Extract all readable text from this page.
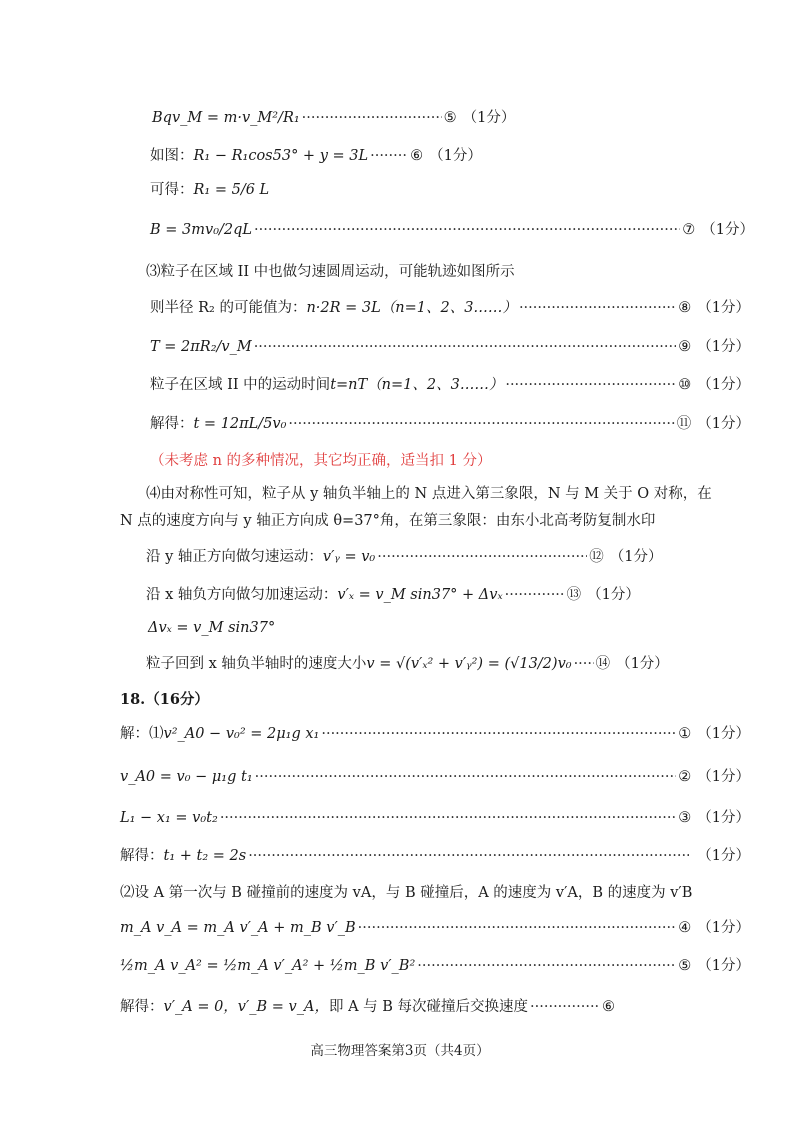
Bqv_M = m·v_M²/R₁ ·····	⑤ （1分）
如图： R₁ − R₁cos53° + y = 3L ·····	⑥ （1分）
可得： R₁ = 5/6 L
B = 3mv₀/2qL ·····	⑦ （1分）
⑶粒子在区域 II 中也做匀速圆周运动，可能轨迹如图所示
则半径 R₂ 的可能值为： n·2R = 3L（n=1、2、3……） ·····	⑧ （1分）
T = 2πR₂/v_M ·····	⑨ （1分）
粒子在区域 II 中的运动时间 t=nT（n=1、2、3……） ·····	⑩ （1分）
解得： t = 12πL/5v₀ ·····	⑪ （1分）
（未考虑 n 的多种情况，其它均正确，适当扣 1 分）
⑷由对称性可知，粒子从 y 轴负半轴上的 N 点进入第三象限，N 与 M 关于 O 对称，在
N 点的速度方向与 y 轴正方向成 θ=37°角，在第三象限：由东小北高考防复制水印
沿 y 轴正方向做匀速运动： v′ᵧ = v₀ ·····	⑫ （1分）
沿 x 轴负方向做匀加速运动： v′ₓ = v_M sin37° + Δvₓ ·····	⑬ （1分）
Δvₓ = v_M sin37°
粒子回到 x 轴负半轴时的速度大小 v = √(v′ₓ² + v′ᵧ²) = (√13/2)v₀ ····· ⑭ （1分）
18.（16分）
解：⑴ v²_A0 − v₀² = 2μ₁g x₁ ·····	① （1分）
v_A0 = v₀ − μ₁g t₁ ·····	② （1分）
L₁ − x₁ = v₀t₂ ·····	③ （1分）
解得： t₁ + t₂ = 2s ·····	（1分）
⑵设 A 第一次与 B 碰撞前的速度为 vA，与 B 碰撞后，A 的速度为 v′A，B 的速度为 v′B
m_A v_A = m_A v′_A + m_B v′_B ·····	④ （1分）
½m_A v_A² = ½m_A v′_A² + ½m_B v′_B² ·····	⑤ （1分）
解得： v′_A = 0，v′_B = v_A， 即 A 与 B 每次碰撞后交换速度 ·····	⑥
高三物理答案第3页（共4页）
